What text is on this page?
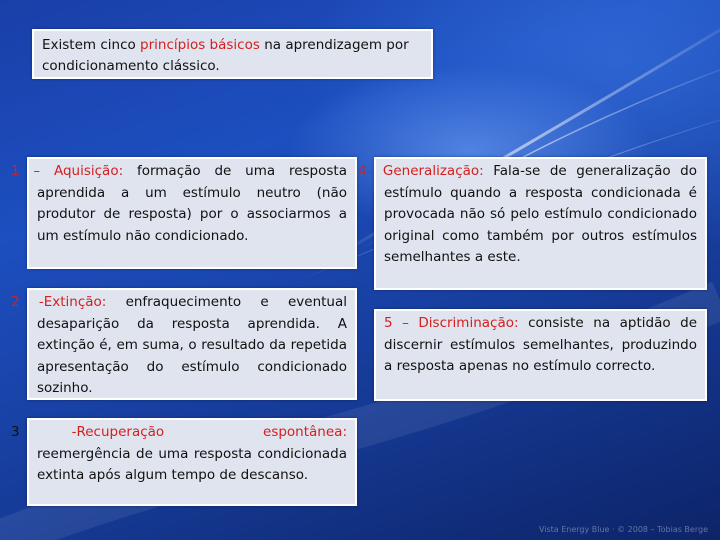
Existem cinco princípios básicos na aprendizagem por condicionamento clássico.
1 – Aquisição: formação de uma resposta aprendida a um estímulo neutro (não produtor de resposta) por o associarmos a um estímulo não condicionado.
2 -Extinção: enfraquecimento e eventual desaparição da resposta aprendida. A extinção é, em suma, o resultado da repetida apresentação do estímulo condicionado sozinho.
3	-Recuperação espontânea: reemergência de uma resposta condicionada extinta após algum tempo de descanso.
4– Generalização: Fala-se de generalização do estímulo quando a resposta condicionada é provocada não só pelo estímulo condicionado original como também por outros estímulos semelhantes a este.
5 – Discriminação: consiste na aptidão de discernir estímulos semelhantes, produzindo a resposta apenas no estímulo correcto.
Vista Energy Blue · © 2008 – Tobias Berge
